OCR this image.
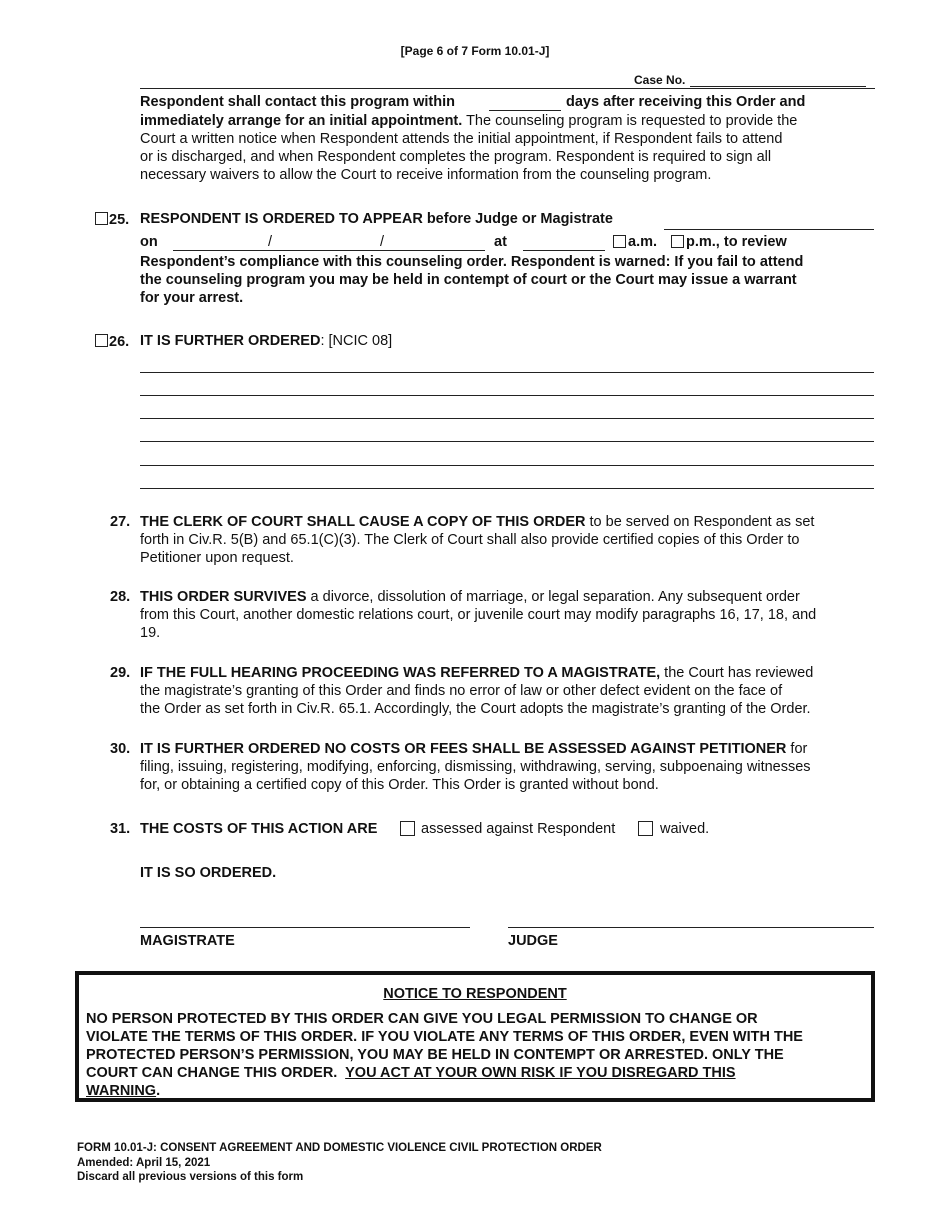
[Page 6 of 7 Form 10.01-J]
Case No.
Respondent shall contact this program within	days after receiving this Order and
immediately arrange for an initial appointment. The counseling program is requested to provide the
Court a written notice when Respondent attends the initial appointment, if Respondent fails to attend
or is discharged, and when Respondent completes the program. Respondent is required to sign all
necessary waivers to allow the Court to receive information from the counseling program.
25. RESPONDENT IS ORDERED TO APPEAR before Judge or Magistrate
on	/	/	at	a.m. p.m., to review
Respondent’s compliance with this counseling order. Respondent is warned: If you fail to attend
the counseling program you may be held in contempt of court or the Court may issue a warrant
for your arrest.
26. IT IS FURTHER ORDERED: [NCIC 08]
27. THE CLERK OF COURT SHALL CAUSE A COPY OF THIS ORDER to be served on Respondent as set
forth in Civ.R. 5(B) and 65.1(C)(3). The Clerk of Court shall also provide certified copies of this Order to
Petitioner upon request.
28. THIS ORDER SURVIVES a divorce, dissolution of marriage, or legal separation. Any subsequent order
from this Court, another domestic relations court, or juvenile court may modify paragraphs 16, 17, 18, and
19.
29. IF THE FULL HEARING PROCEEDING WAS REFERRED TO A MAGISTRATE, the Court has reviewed
the magistrate’s granting of this Order and finds no error of law or other defect evident on the face of
the Order as set forth in Civ.R. 65.1. Accordingly, the Court adopts the magistrate’s granting of the Order.
30. IT IS FURTHER ORDERED NO COSTS OR FEES SHALL BE ASSESSED AGAINST PETITIONER for
filing, issuing, registering, modifying, enforcing, dismissing, withdrawing, serving, subpoenaing witnesses
for, or obtaining a certified copy of this Order. This Order is granted without bond.
31. THE COSTS OF THIS ACTION ARE	assessed against Respondent	waived.
IT IS SO ORDERED.
MAGISTRATE	JUDGE
NOTICE TO RESPONDENT
NO PERSON PROTECTED BY THIS ORDER CAN GIVE YOU LEGAL PERMISSION TO CHANGE OR
VIOLATE THE TERMS OF THIS ORDER. IF YOU VIOLATE ANY TERMS OF THIS ORDER, EVEN WITH THE
PROTECTED PERSON’S PERMISSION, YOU MAY BE HELD IN CONTEMPT OR ARRESTED. ONLY THE
COURT CAN CHANGE THIS ORDER.  YOU ACT AT YOUR OWN RISK IF YOU DISREGARD THIS
WARNING.
FORM 10.01-J: CONSENT AGREEMENT AND DOMESTIC VIOLENCE CIVIL PROTECTION ORDER
Amended: April 15, 2021
Discard all previous versions of this form
